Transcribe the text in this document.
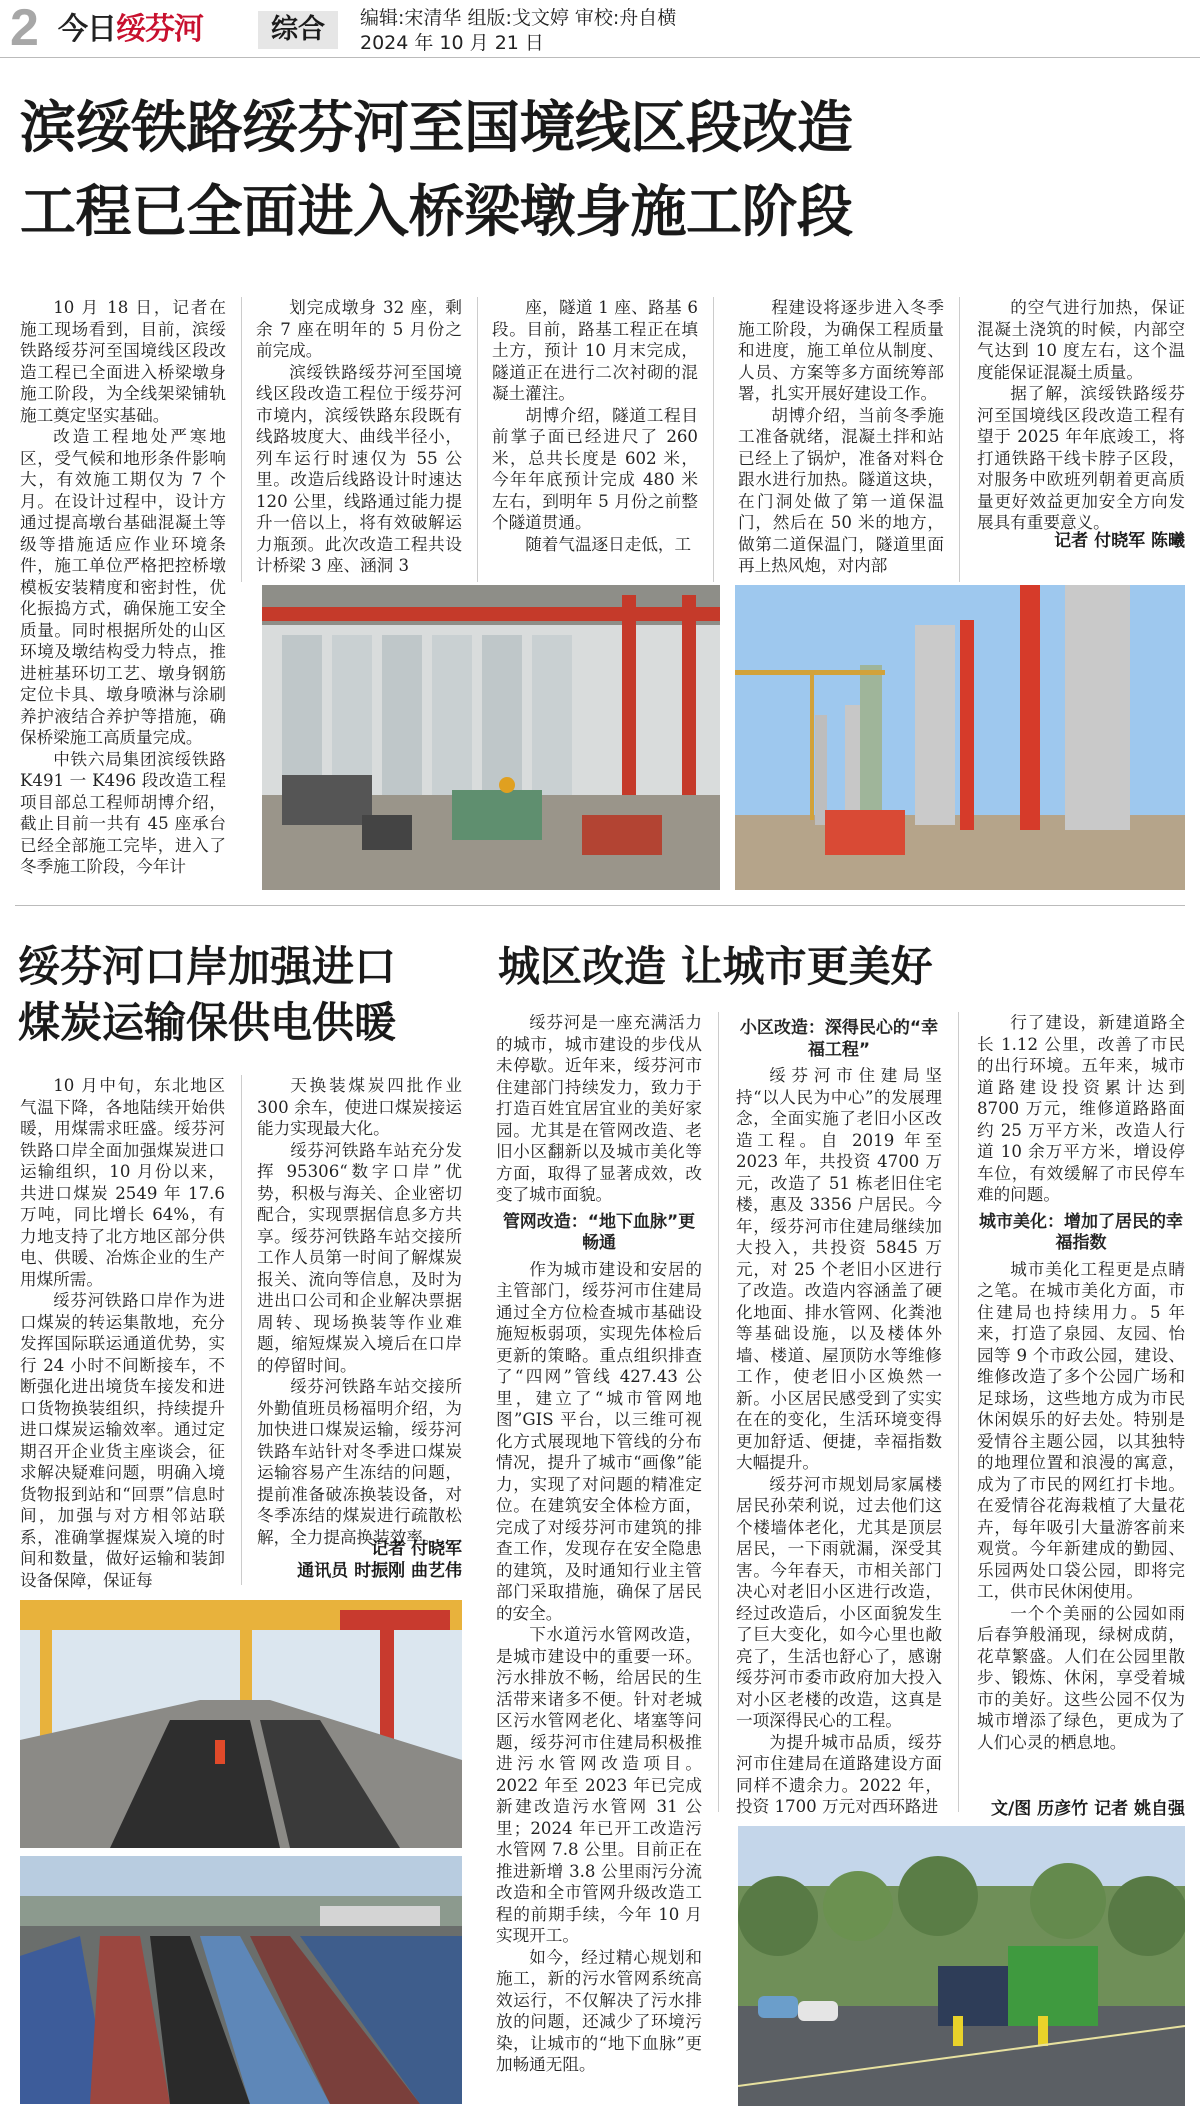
2 今日绥芬河	综合	编辑:宋清华 组版:戈文婷 审校:舟自横
2024 年 10 月 21 日
滨绥铁路绥芬河至国境线区段改造
工程已全面进入桥梁墩身施工阶段

10 月 18 日，记者在施工现场看到，目前，滨绥铁路绥芬河至国境线区段改造工程已全面进入桥梁墩身施工阶段，为全线架梁铺轨施工奠定坚实基础。

改造工程地处严寒地区，受气候和地形条件影响大，有效施工期仅为 7 个月。在设计过程中，设计方通过提高墩台基础混凝土等级等措施适应作业环境条件，施工单位严格把控桥墩模板安装精度和密封性，优化振捣方式，确保施工安全质量。同时根据所处的山区环境及墩结构受力特点，推进桩基环切工艺、墩身钢筋定位卡具、墩身喷淋与涂刷养护液结合养护等措施，确保桥梁施工高质量完成。

中铁六局集团滨绥铁路 K491 一 K496 段改造工程项目部总工程师胡博介绍，截止目前一共有 45 座承台已经全部施工完毕，进入了冬季施工阶段，今年计

划完成墩身 32 座，剩余 7 座在明年的 5 月份之前完成。

滨绥铁路绥芬河至国境线区段改造工程位于绥芬河市境内，滨绥铁路东段既有线路坡度大、曲线半径小，列车运行时速仅为 55 公里。改造后线路设计时速达 120 公里，线路通过能力提升一倍以上，将有效破解运力瓶颈。此次改造工程共设计桥梁 3 座、涵洞 3

座，隧道 1 座、路基 6 段。目前，路基工程正在填土方，预计 10 月末完成，隧道正在进行二次衬砌的混凝土灌注。

胡博介绍，隧道工程目前掌子面已经进尺了 260 米，总共长度是 602 米，今年年底预计完成 480 米左右，到明年 5 月份之前整个隧道贯通。

随着气温逐日走低，工

程建设将逐步进入冬季施工阶段，为确保工程质量和进度，施工单位从制度、人员、方案等多方面统筹部署，扎实开展好建设工作。

胡博介绍，当前冬季施工准备就绪，混凝土拌和站已经上了锅炉，准备对料仓跟水进行加热。隧道这块，在门洞处做了第一道保温门，然后在 50 米的地方，做第二道保温门，隧道里面再上热风炮，对内部

的空气进行加热，保证混凝土浇筑的时候，内部空气达到 10 度左右，这个温度能保证混凝土质量。

据了解，滨绥铁路绥芬河至国境线区段改造工程有望于 2025 年年底竣工，将打通铁路干线卡脖子区段，对服务中欧班列朝着更高质量更好效益更加安全方向发展具有重要意义。

记者 付晓军 陈曦
绥芬河口岸加强进口
煤炭运输保供电供暖

10 月中旬，东北地区气温下降，各地陆续开始供暖，用煤需求旺盛。绥芬河铁路口岸全面加强煤炭进口运输组织，10 月份以来，共进口煤炭 2549 年 17.6 万吨，同比增长 64%，有力地支持了北方地区部分供电、供暖、冶炼企业的生产用煤所需。

绥芬河铁路口岸作为进口煤炭的转运集散地，充分发挥国际联运通道优势，实行 24 小时不间断接车，不断强化进出境货车接发和进口货物换装组织，持续提升进口煤炭运输效率。通过定期召开企业货主座谈会，征求解决疑难问题，明确入境货物报到站和“回票”信息时间，加强与对方相邻站联系，准确掌握煤炭入境的时间和数量，做好运输和装卸设备保障，保证每

天换装煤炭四批作业 300 余车，使进口煤炭接运能力实现最大化。

绥芬河铁路车站充分发挥 95306“数字口岸”优势，积极与海关、企业密切配合，实现票据信息多方共享。绥芬河铁路车站交接所工作人员第一时间了解煤炭报关、流向等信息，及时为进出口公司和企业解决票据周转、现场换装等作业难题，缩短煤炭入境后在口岸的停留时间。

绥芬河铁路车站交接所外勤值班员杨福明介绍，为加快进口煤炭运输，绥芬河铁路车站针对冬季进口煤炭运输容易产生冻结的问题，提前准备破冻换装设备，对冬季冻结的煤炭进行疏散松解，全力提高换装效率。

记者 付晓军
通讯员 时振刚 曲艺伟
城区改造 让城市更美好

绥芬河是一座充满活力的城市，城市建设的步伐从未停歇。近年来，绥芬河市住建部门持续发力，致力于打造百姓宜居宜业的美好家园。尤其是在管网改造、老旧小区翻新以及城市美化等方面，取得了显著成效，改变了城市面貌。

管网改造：“地下血脉”更畅通

作为城市建设和安居的主管部门，绥芬河市住建局通过全方位检查城市基础设施短板弱项，实现先体检后更新的策略。重点组织排查了“四网”管线 427.43 公里，建立了“城市管网地图”GIS 平台，以三维可视化方式展现地下管线的分布情况，提升了城市“画像”能力，实现了对问题的精准定位。在建筑安全体检方面，完成了对绥芬河市建筑的排查工作，发现存在安全隐患的建筑，及时通知行业主管部门采取措施，确保了居民的安全。

下水道污水管网改造，是城市建设中的重要一环。污水排放不畅，给居民的生活带来诸多不便。针对老城区污水管网老化、堵塞等问题，绥芬河市住建局积极推进污水管网改造项目。2022 年至 2023 年已完成新建改造污水管网 31 公里；2024 年已开工改造污水管网 7.8 公里。目前正在推进新增 3.8 公里雨污分流改造和全市管网升级改造工程的前期手续，今年 10 月实现开工。

如今，经过精心规划和施工，新的污水管网系统高效运行，不仅解决了污水排放的问题，还减少了环境污染，让城市的“地下血脉”更加畅通无阻。

小区改造：深得民心的“幸福工程”

绥芬河市住建局坚持“以人民为中心”的发展理念，全面实施了老旧小区改造工程。自 2019 年至 2023 年，共投资 4700 万元，改造了 51 栋老旧住宅楼，惠及 3356 户居民。今年，绥芬河市住建局继续加大投入，共投资 5845 万元，对 25 个老旧小区进行了改造。改造内容涵盖了硬化地面、排水管网、化粪池等基础设施，以及楼体外墙、楼道、屋顶防水等维修工作，使老旧小区焕然一新。小区居民感受到了实实在在的变化，生活环境变得更加舒适、便捷，幸福指数大幅提升。

绥芬河市规划局家属楼居民孙荣利说，过去他们这个楼墙体老化，尤其是顶层居民，一下雨就漏，深受其害。今年春天，市相关部门决心对老旧小区进行改造，经过改造后，小区面貌发生了巨大变化，如今心里也敞亮了，生活也舒心了，感谢绥芬河市委市政府加大投入对小区老楼的改造，这真是一项深得民心的工程。

为提升城市品质，绥芬河市住建局在道路建设方面同样不遗余力。2022 年，投资 1700 万元对西环路进

行了建设，新建道路全长 1.12 公里，改善了市民的出行环境。五年来，城市道路建设投资累计达到 8700 万元，维修道路路面约 25 万平方米，改造人行道 10 余万平方米，增设停车位，有效缓解了市民停车难的问题。

城市美化：增加了居民的幸福指数

城市美化工程更是点睛之笔。在城市美化方面，市住建局也持续用力。5 年来，打造了泉园、友园、怡园等 9 个市政公园，建设、维修改造了多个公园广场和足球场，这些地方成为市民休闲娱乐的好去处。特别是爱情谷主题公园，以其独特的地理位置和浪漫的寓意，成为了市民的网红打卡地。在爱情谷花海栽植了大量花卉，每年吸引大量游客前来观赏。今年新建成的勤园、乐园两处口袋公园，即将完工，供市民休闲使用。

一个个美丽的公园如雨后春笋般涌现，绿树成荫，花草繁盛。人们在公园里散步、锻炼、休闲，享受着城市的美好。这些公园不仅为城市增添了绿色，更成为了人们心灵的栖息地。

文/图 历彦竹 记者 姚自强
